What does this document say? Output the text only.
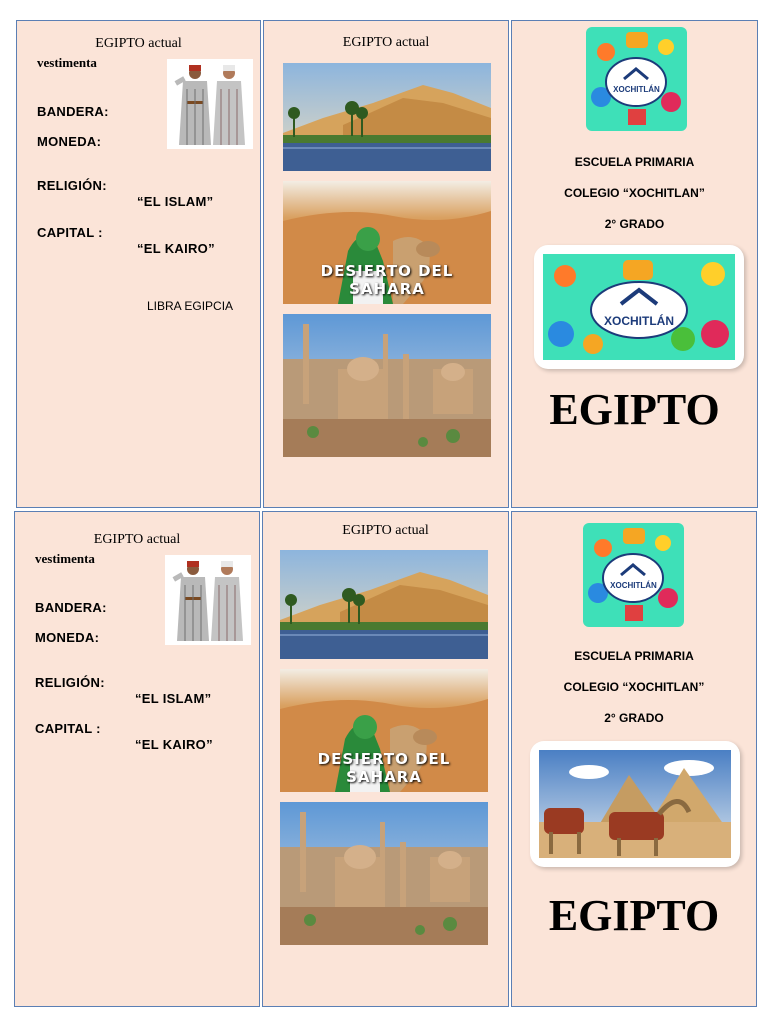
EGIPTO actual
vestimenta
BANDERA:
MONEDA:
RELIGIÓN:
“EL ISLAM”
CAPITAL :
“EL KAIRO”
LIBRA EGIPCIA
EGIPTO actual
DESIERTO DEL SAHARA
XOCHITLÁN
ESCUELA PRIMARIA
COLEGIO “XOCHITLAN”
2° GRADO
XOCHITLÁN
EGIPTO
EGIPTO actual
vestimenta
BANDERA:
MONEDA:
RELIGIÓN:
“EL ISLAM”
CAPITAL :
“EL KAIRO”
EGIPTO actual
DESIERTO DEL SAHARA
XOCHITLÁN
ESCUELA PRIMARIA
COLEGIO “XOCHITLAN”
2° GRADO
EGIPTO
